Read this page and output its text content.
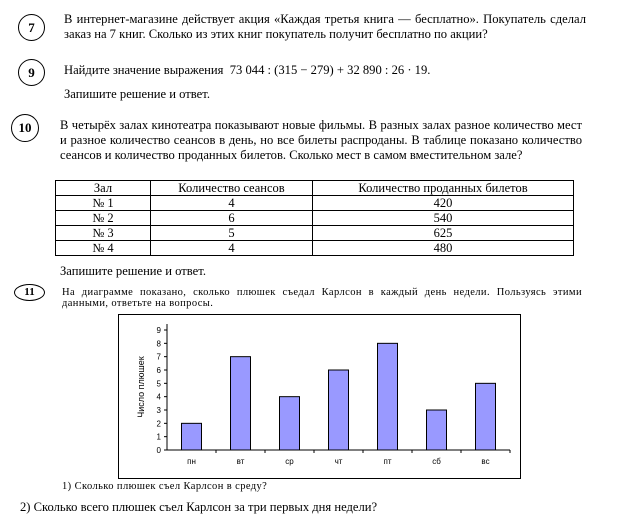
7
В интернет-магазине действует акция «Каждая третья книга — бесплатно». Покупатель сделал заказ на 7 книг. Сколько из этих книг покупатель получит бесплатно по акции?
9	Найдите значение выражения 73 044 : (315 − 279) + 32 890 : 26 · 19.
Запишите решение и ответ.
10	В четырёх залах кинотеатра показывают новые фильмы. В разных залах разное количество мест и разное количество сеансов в день, но все билеты распроданы. В таблице показано количество сеансов и количество проданных билетов. Сколько мест в самом вместительном зале?
Зал	Количество сеансов	Количество проданных билетов
№ 1	4	420
№ 2	6	540
№ 3	5	625
№ 4	4	480
Запишите решение и ответ.
11	На диаграмме показано, сколько плюшек съедал Карлсон в каждый день недели. Пользуясь этими данными, ответьте на вопросы.
Число плюшек
0
1
2
3
4
5
6
7
8
9
пн	вт	ср	чт	пт	сб	вс
1) Сколько плюшек съел Карлсон в среду?
2) Сколько всего плюшек съел Карлсон за три первых дня недели?
